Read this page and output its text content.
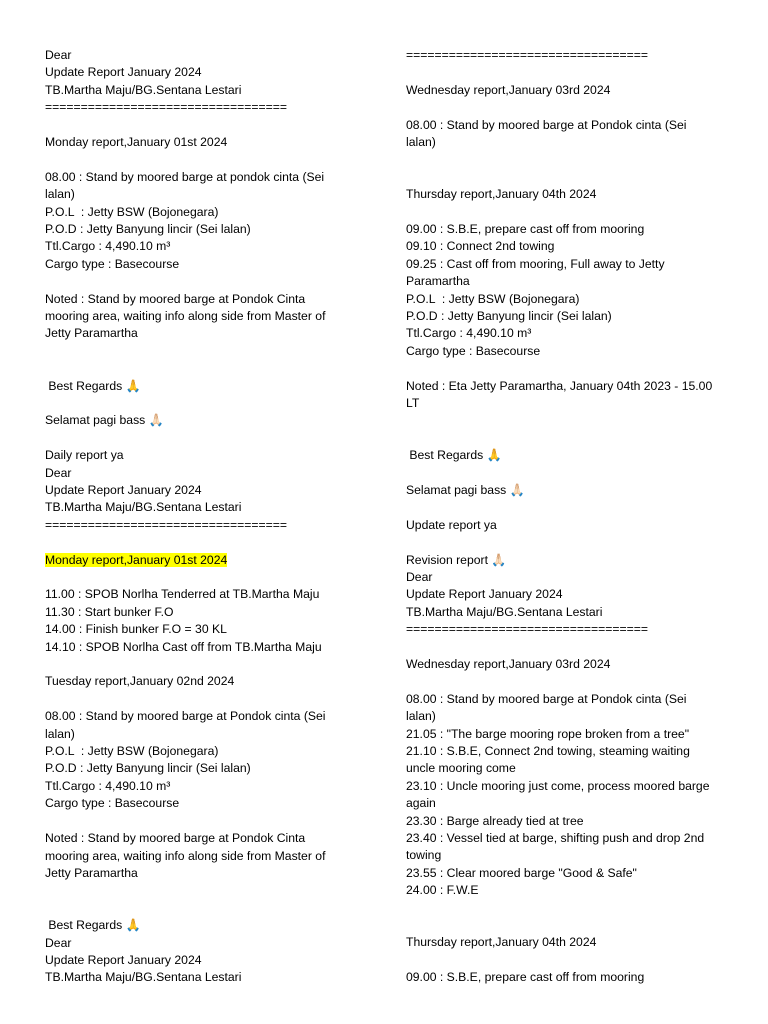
Dear
Update Report January 2024
TB.Martha Maju/BG.Sentana Lestari
==================================
Monday report,January 01st 2024
08.00 : Stand by moored barge at pondok cinta (Sei
lalan)
P.O.L  : Jetty BSW (Bojonegara)
P.O.D : Jetty Banyung lincir (Sei lalan)
Ttl.Cargo : 4,490.10 m³
Cargo type : Basecourse
Noted : Stand by moored barge at Pondok Cinta
mooring area, waiting info along side from Master of
Jetty Paramartha
Best Regards 🙏
Selamat pagi bass 🙏🏻
Daily report ya
Dear
Update Report January 2024
TB.Martha Maju/BG.Sentana Lestari
==================================
Monday report,January 01st 2024
11.00 : SPOB Norlha Tenderred at TB.Martha Maju
11.30 : Start bunker F.O
14.00 : Finish bunker F.O = 30 KL
14.10 : SPOB Norlha Cast off from TB.Martha Maju
Tuesday report,January 02nd 2024
08.00 : Stand by moored barge at Pondok cinta (Sei
lalan)
P.O.L  : Jetty BSW (Bojonegara)
P.O.D : Jetty Banyung lincir (Sei lalan)
Ttl.Cargo : 4,490.10 m³
Cargo type : Basecourse
Noted : Stand by moored barge at Pondok Cinta
mooring area, waiting info along side from Master of
Jetty Paramartha
Best Regards 🙏
Dear
Update Report January 2024
TB.Martha Maju/BG.Sentana Lestari
==================================
Wednesday report,January 03rd 2024
08.00 : Stand by moored barge at Pondok cinta (Sei
lalan)
Thursday report,January 04th 2024
09.00 : S.B.E, prepare cast off from mooring
09.10 : Connect 2nd towing
09.25 : Cast off from mooring, Full away to Jetty
Paramartha
P.O.L  : Jetty BSW (Bojonegara)
P.O.D : Jetty Banyung lincir (Sei lalan)
Ttl.Cargo : 4,490.10 m³
Cargo type : Basecourse
Noted : Eta Jetty Paramartha, January 04th 2023 - 15.00
LT
Best Regards 🙏
Selamat pagi bass 🙏🏻
Update report ya
Revision report 🙏🏻
Dear
Update Report January 2024
TB.Martha Maju/BG.Sentana Lestari
==================================
Wednesday report,January 03rd 2024
08.00 : Stand by moored barge at Pondok cinta (Sei
lalan)
21.05 : "The barge mooring rope broken from a tree"
21.10 : S.B.E, Connect 2nd towing, steaming waiting
uncle mooring come
23.10 : Uncle mooring just come, process moored barge
again
23.30 : Barge already tied at tree
23.40 : Vessel tied at barge, shifting push and drop 2nd
towing
23.55 : Clear moored barge "Good & Safe"
24.00 : F.W.E
Thursday report,January 04th 2024
09.00 : S.B.E, prepare cast off from mooring
